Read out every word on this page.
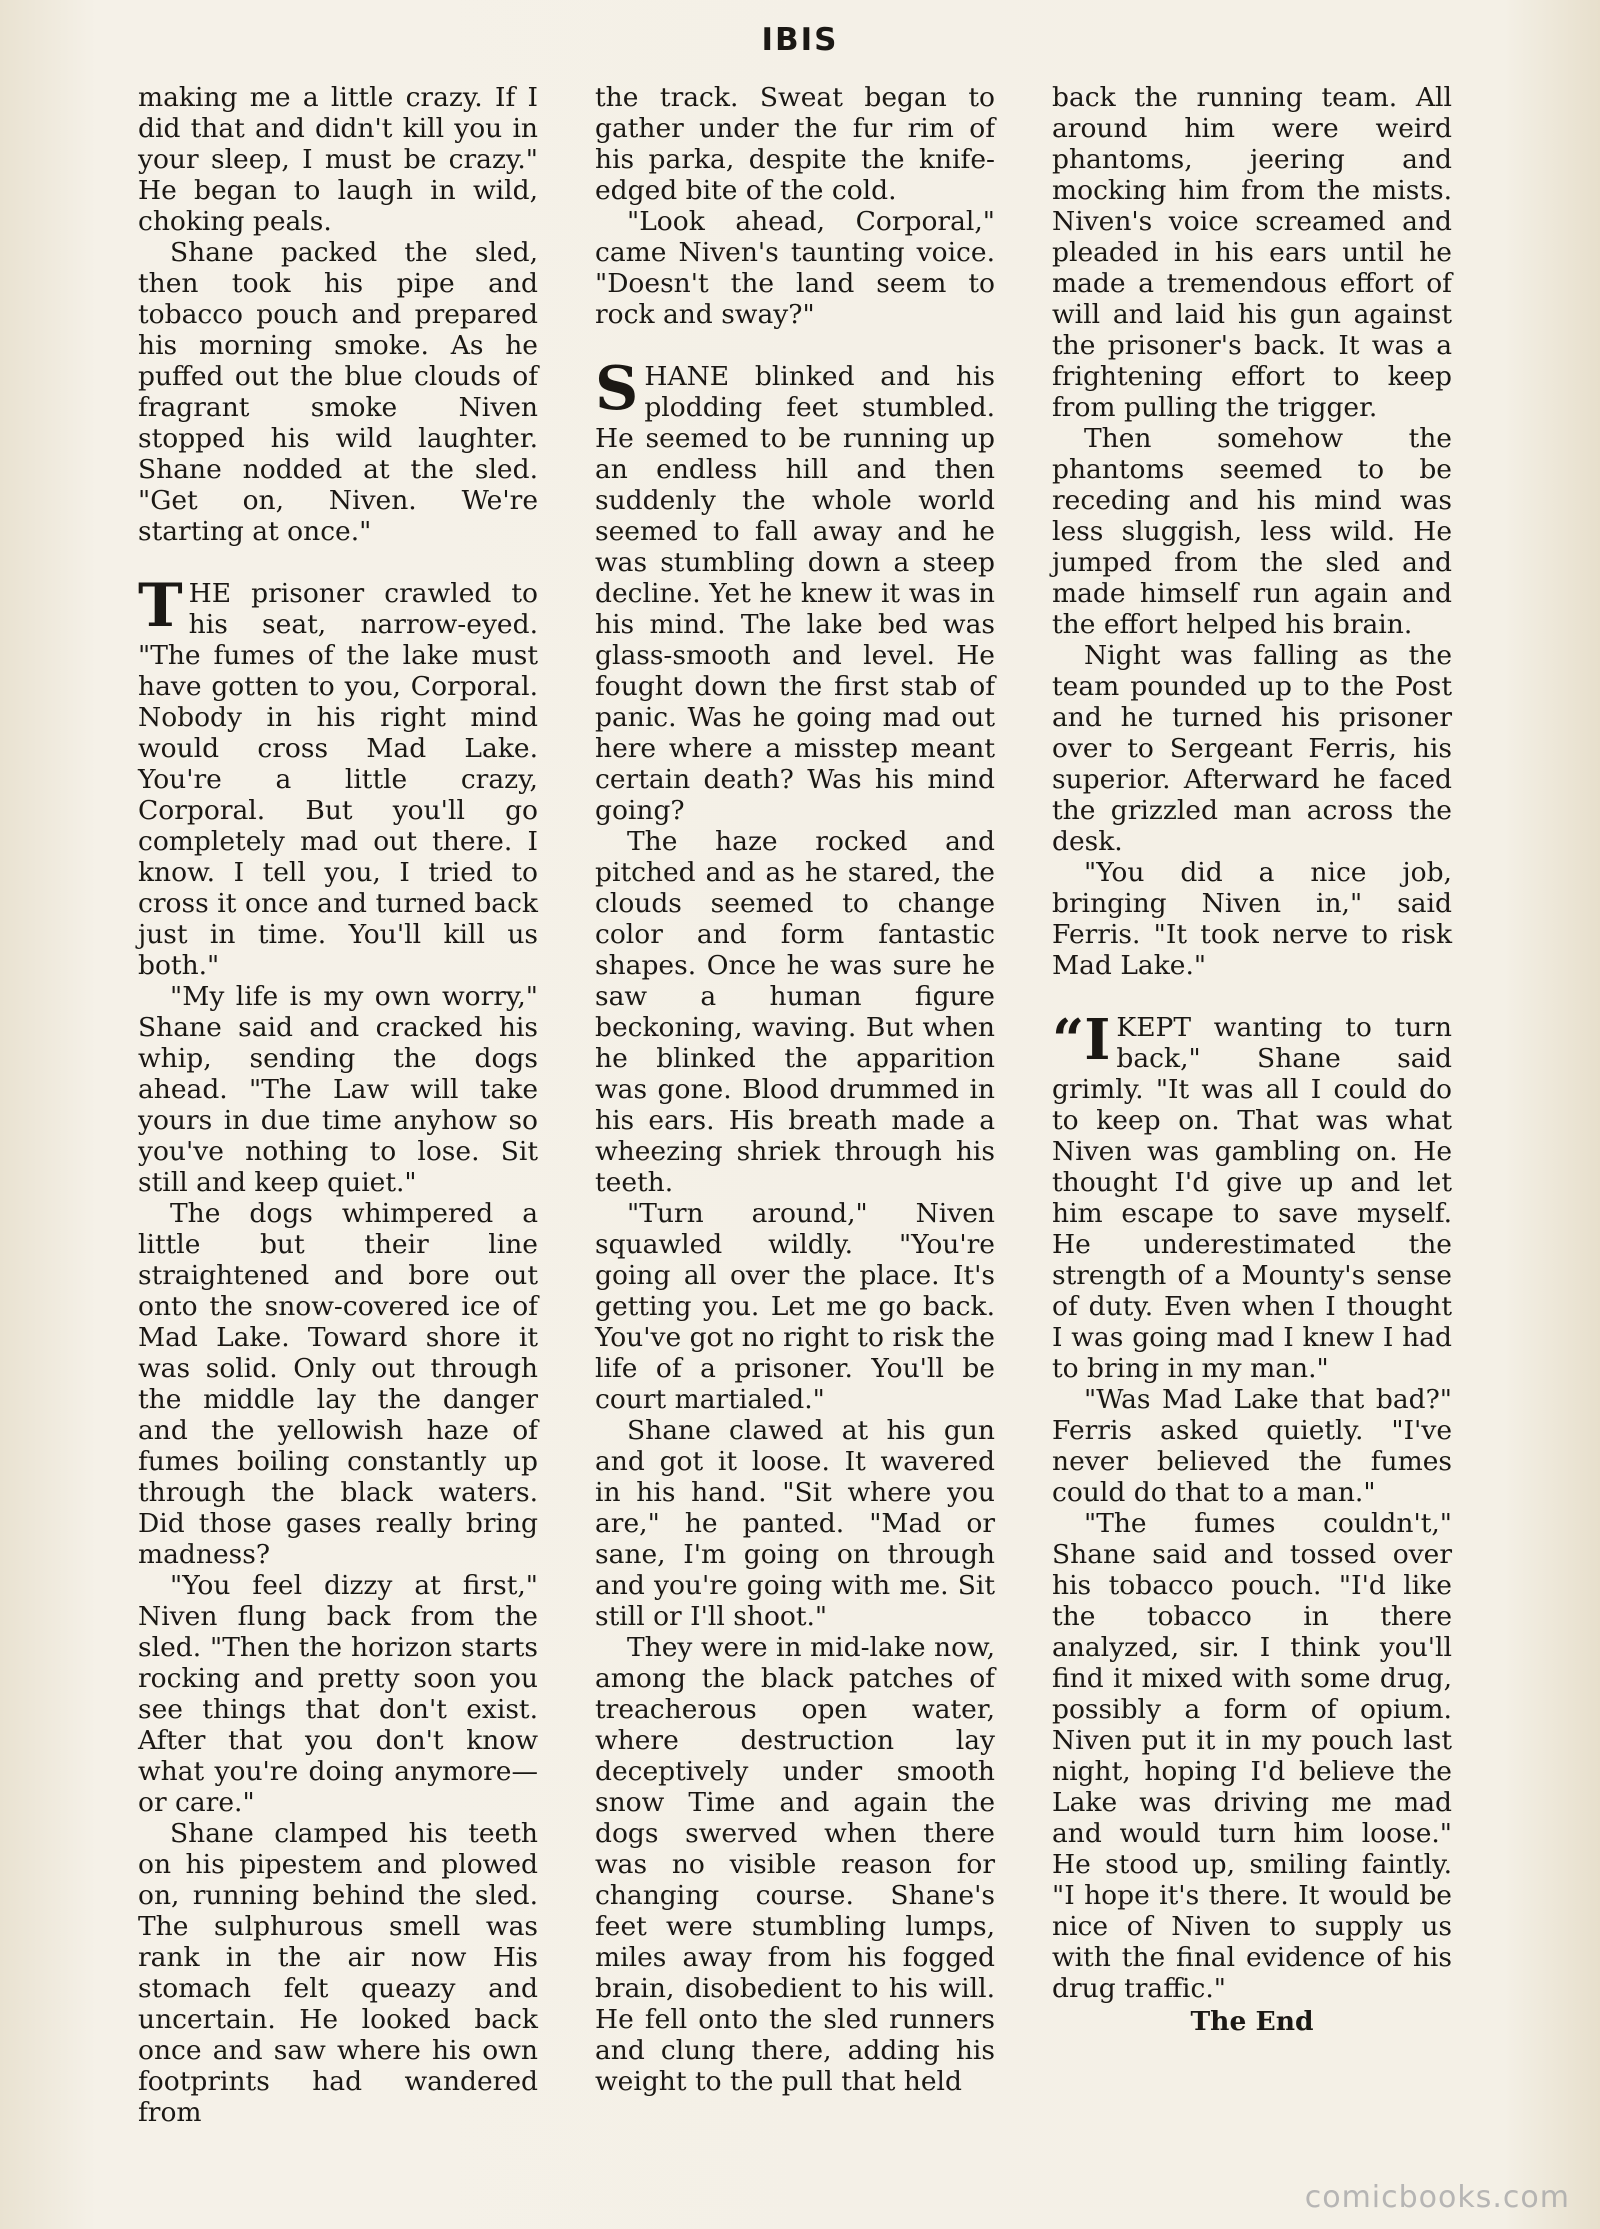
IBIS

making me a little crazy. If I did that and didn't kill you in your sleep, I must be crazy." He began to laugh in wild, choking peals.

Shane packed the sled, then took his pipe and tobacco pouch and prepared his morning smoke. As he puffed out the blue clouds of fragrant smoke Niven stopped his wild laughter. Shane nodded at the sled. "Get on, Niven. We're starting at once."

THE prisoner crawled to his seat, narrow-eyed. "The fumes of the lake must have gotten to you, Corporal. Nobody in his right mind would cross Mad Lake. You're a little crazy, Corporal. But you'll go completely mad out there. I know. I tell you, I tried to cross it once and turned back just in time. You'll kill us both."

"My life is my own worry," Shane said and cracked his whip, sending the dogs ahead. "The Law will take yours in due time anyhow so you've nothing to lose. Sit still and keep quiet."

The dogs whimpered a little but their line straightened and bore out onto the snow-covered ice of Mad Lake. Toward shore it was solid. Only out through the middle lay the danger and the yellowish haze of fumes boiling constantly up through the black waters. Did those gases really bring madness?

"You feel dizzy at first," Niven flung back from the sled. "Then the horizon starts rocking and pretty soon you see things that don't exist. After that you don't know what you're doing anymore—or care."

Shane clamped his teeth on his pipestem and plowed on, running behind the sled. The sulphurous smell was rank in the air now His stomach felt queazy and uncertain. He looked back once and saw where his own footprints had wandered from

the track. Sweat began to gather under the fur rim of his parka, despite the knife-edged bite of the cold.

"Look ahead, Corporal," came Niven's taunting voice. "Doesn't the land seem to rock and sway?"

SHANE blinked and his plodding feet stumbled. He seemed to be running up an endless hill and then suddenly the whole world seemed to fall away and he was stumbling down a steep decline. Yet he knew it was in his mind. The lake bed was glass-smooth and level. He fought down the first stab of panic. Was he going mad out here where a misstep meant certain death? Was his mind going?

The haze rocked and pitched and as he stared, the clouds seemed to change color and form fantastic shapes. Once he was sure he saw a human figure beckoning, waving. But when he blinked the apparition was gone. Blood drummed in his ears. His breath made a wheezing shriek through his teeth.

"Turn around," Niven squawled wildly. "You're going all over the place. It's getting you. Let me go back. You've got no right to risk the life of a prisoner. You'll be court martialed."

Shane clawed at his gun and got it loose. It wavered in his hand. "Sit where you are," he panted. "Mad or sane, I'm going on through and you're going with me. Sit still or I'll shoot."

They were in mid-lake now, among the black patches of treacherous open water, where destruction lay deceptively under smooth snow Time and again the dogs swerved when there was no visible reason for changing course. Shane's feet were stumbling lumps, miles away from his fogged brain, disobedient to his will. He fell onto the sled runners and clung there, adding his weight to the pull that held

back the running team. All around him were weird phantoms, jeering and mocking him from the mists. Niven's voice screamed and pleaded in his ears until he made a tremendous effort of will and laid his gun against the prisoner's back. It was a frightening effort to keep from pulling the trigger.

Then somehow the phantoms seemed to be receding and his mind was less sluggish, less wild. He jumped from the sled and made himself run again and the effort helped his brain.

Night was falling as the team pounded up to the Post and he turned his prisoner over to Sergeant Ferris, his superior. Afterward he faced the grizzled man across the desk.

"You did a nice job, bringing Niven in," said Ferris. "It took nerve to risk Mad Lake."

“IKEPT wanting to turn back," Shane said grimly. "It was all I could do to keep on. That was what Niven was gambling on. He thought I'd give up and let him escape to save myself. He underestimated the strength of a Mounty's sense of duty. Even when I thought I was going mad I knew I had to bring in my man."

"Was Mad Lake that bad?" Ferris asked quietly. "I've never believed the fumes could do that to a man."

"The fumes couldn't," Shane said and tossed over his tobacco pouch. "I'd like the tobacco in there analyzed, sir. I think you'll find it mixed with some drug, possibly a form of opium. Niven put it in my pouch last night, hoping I'd believe the Lake was driving me mad and would turn him loose." He stood up, smiling faintly. "I hope it's there. It would be nice of Niven to supply us with the final evidence of his drug traffic."

The End

comicbooks.com
